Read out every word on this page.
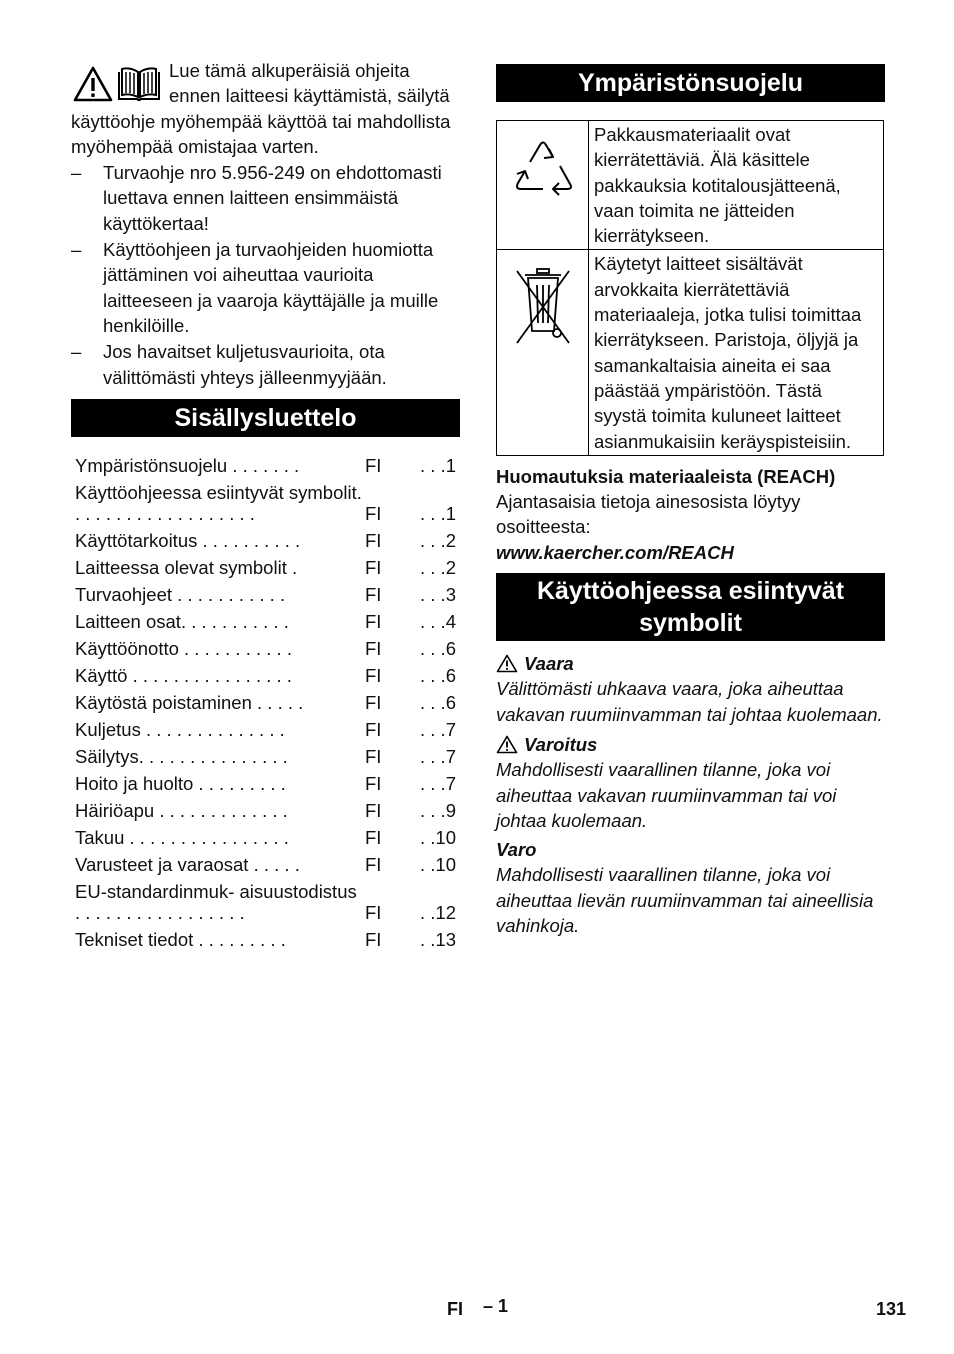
Lue tämä alkuperäisiä ohjeita ennen laitteesi käyttämistä, säilytä käyttöohje myöhempää käyttöä tai mahdollista myöhempää omistajaa varten.

– Turvaohje nro 5.956-249 on ehdottomasti luettava ennen laitteen ensimmäistä käyttökertaa!
– Käyttöohjeen ja turvaohjeiden huomiotta jättäminen voi aiheuttaa vaurioita laitteeseen ja vaaroja käyttäjälle ja muille henkilöille.
– Jos havaitset kuljetusvaurioita, ota välittömästi yhteys jälleenmyyjään.
Sisällysluettelo
Ympäristönsuojelu . . . . . . .	FI	. . .1
Käyttöohjeessa esiintyvät symbolit. . . . . . . . . . . . . . . . . . .	FI	. . .1
Käyttötarkoitus . . . . . . . . . .	FI	. . .2
Laitteessa olevat symbolit .	FI	. . .2
Turvaohjeet . . . . . . . . . . .	FI	. . .3
Laitteen osat. . . . . . . . . . .	FI	. . .4
Käyttöönotto . . . . . . . . . . .	FI	. . .6
Käyttö . . . . . . . . . . . . . . . .	FI	. . .6
Käytöstä poistaminen . . . . .	FI	. . .6
Kuljetus . . . . . . . . . . . . . .	FI	. . .7
Säilytys. . . . . . . . . . . . . . .	FI	. . .7
Hoito ja huolto . . . . . . . . .	FI	. . .7
Häiriöapu . . . . . . . . . . . . .	FI	. . .9
Takuu . . . . . . . . . . . . . . . .	FI	. .10
Varusteet ja varaosat . . . . .	FI	. .10
EU-standardinmuk- aisuustodistus . . . . . . . . . . . . . . . . .	FI	. .12
Tekniset tiedot . . . . . . . . .	FI	. .13
Ympäristönsuojelu
	Pakkausmateriaalit ovat kierrätettäviä. Älä käsittele pakkauksia kotitalousjätteenä, vaan toimita ne jätteiden kierrätykseen.
	Käytetyt laitteet sisältävät arvokkaita kierrätettäviä materiaaleja, jotka tulisi toimittaa kierrätykseen. Paristoja, öljyjä ja samankaltaisia aineita ei saa päästää ympäristöön. Tästä syystä toimita kuluneet laitteet asianmukaisiin keräyspisteisiin.

Huomautuksia materiaaleista (REACH)

Ajantasaisia tietoja ainesosista löytyy osoitteesta:

www.kaercher.com/REACH

Käyttöohjeessa esiintyvät
symbolit
Vaara

Välittömästi uhkaava vaara, joka aiheuttaa vakavan ruumiinvamman tai johtaa kuolemaan.

Varoitus

Mahdollisesti vaarallinen tilanne, joka voi aiheuttaa vakavan ruumiinvamman tai voi johtaa kuolemaan.

Varo

Mahdollisesti vaarallinen tilanne, joka voi aiheuttaa lievän ruumiinvamman tai aineellisia vahinkoja.

FI – 1	131
